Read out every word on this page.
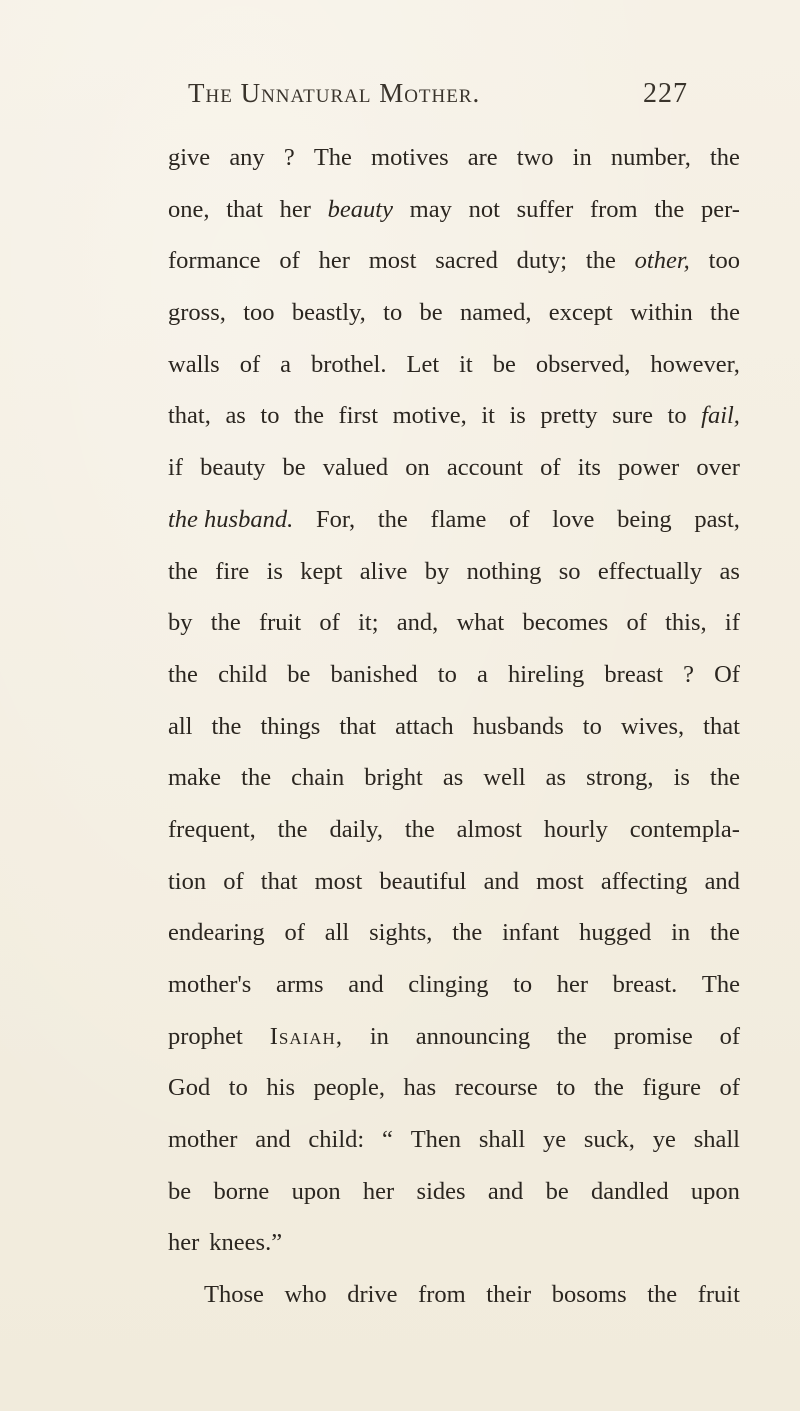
The Unnatural Mother.	227
give any ? The motives are two in number, the
one, that her beauty may not suffer from the per-
formance of her most sacred duty; the other, too
gross, too beastly, to be named, except within the
walls of a brothel. Let it be observed, however,
that, as to the first motive, it is pretty sure to fail,
if beauty be valued on account of its power over
the husband. For, the flame of love being past,
the fire is kept alive by nothing so effectually as
by the fruit of it; and, what becomes of this, if
the child be banished to a hireling breast ? Of
all the things that attach husbands to wives, that
make the chain bright as well as strong, is the
frequent, the daily, the almost hourly contempla-
tion of that most beautiful and most affecting and
endearing of all sights, the infant hugged in the
mother's arms and clinging to her breast. The
prophet Isaiah, in announcing the promise of
God to his people, has recourse to the figure of
mother and child: “ Then shall ye suck, ye shall
be borne upon her sides and be dandled upon
her knees.”
Those who drive from their bosoms the fruit
